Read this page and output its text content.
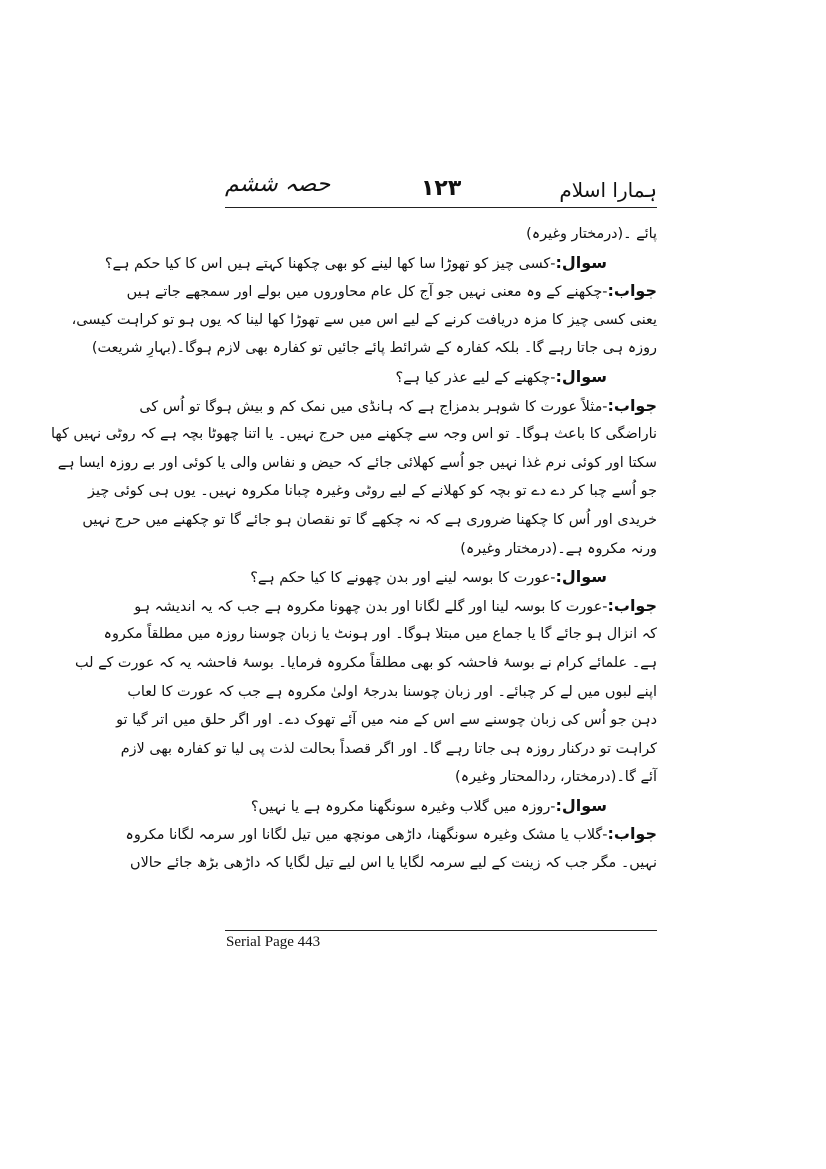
ہمارا اسلام
۱۲۳
حصہ ششم
پائے ۔(درمختار وغیرہ)
سوال:-کسی چیز کو تھوڑا سا کھا لینے کو بھی چکھنا کہتے ہیں اس کا کیا حکم ہے؟
جواب:-چکھنے کے وہ معنی نہیں جو آج کل عام محاوروں میں بولے اور سمجھے جاتے ہیں
یعنی کسی چیز کا مزہ دریافت کرنے کے لیے اس میں سے تھوڑا کھا لینا کہ یوں ہو تو کراہت کیسی،
روزہ ہی جاتا رہے گا۔ بلکہ کفارہ کے شرائط پائے جائیں تو کفارہ بھی لازم ہوگا۔(بہارِ شریعت)
سوال:-چکھنے کے لیے عذر کیا ہے؟
جواب:-مثلاً عورت کا شوہر بدمزاج ہے کہ ہانڈی میں نمک کم و بیش ہوگا تو اُس کی
ناراضگی کا باعث ہوگا۔ تو اس وجہ سے چکھنے میں حرج نہیں۔ یا اتنا چھوٹا بچہ ہے کہ روٹی نہیں کھا
سکتا اور کوئی نرم غذا نہیں جو اُسے کھلائی جائے کہ حیض و نفاس والی یا کوئی اور بے روزہ ایسا ہے
جو اُسے چبا کر دے دے تو بچہ کو کھلانے کے لیے روٹی وغیرہ چبانا مکروہ نہیں۔ یوں ہی کوئی چیز
خریدی اور اُس کا چکھنا ضروری ہے کہ نہ چکھے گا تو نقصان ہو جائے گا تو چکھنے میں حرج نہیں
ورنہ مکروہ ہے۔(درمختار وغیرہ)
سوال:-عورت کا بوسہ لینے اور بدن چھونے کا کیا حکم ہے؟
جواب:-عورت کا بوسہ لینا اور گلے لگانا اور بدن چھونا مکروہ ہے جب کہ یہ اندیشہ ہو
کہ انزال ہو جائے گا یا جماع میں مبتلا ہوگا۔ اور ہونٹ یا زبان چوسنا روزہ میں مطلقاً مکروہ
ہے۔ علمائے کرام نے بوسۂ فاحشہ کو بھی مطلقاً مکروہ فرمایا۔ بوسۂ فاحشہ یہ کہ عورت کے لب
اپنے لبوں میں لے کر چبائے۔ اور زبان چوسنا بدرجۂ اولیٰ مکروہ ہے جب کہ عورت کا لعاب
دہن جو اُس کی زبان چوسنے سے اس کے منہ میں آئے تھوک دے۔ اور اگر حلق میں اتر گیا تو
کراہت تو درکنار روزہ ہی جاتا رہے گا۔ اور اگر قصداً بحالت لذت پی لیا تو کفارہ بھی لازم
آئے گا۔(درمختار، ردالمحتار وغیرہ)
سوال:-روزہ میں گلاب وغیرہ سونگھنا مکروہ ہے یا نہیں؟
جواب:-گلاب یا مشک وغیرہ سونگھنا، داڑھی مونچھ میں تیل لگانا اور سرمہ لگانا مکروہ
نہیں۔ مگر جب کہ زینت کے لیے سرمہ لگایا یا اس لیے تیل لگایا کہ داڑھی بڑھ جائے حالاں
Serial Page 443
